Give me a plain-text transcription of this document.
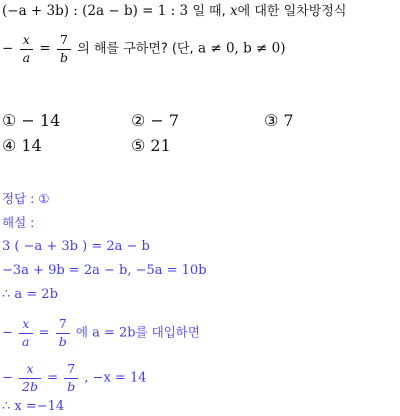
(−a + 3b) : (2a − b) = 1 : 3 일 때, x에 대한 일차방정식
− $\frac{x}{a} = \frac{7}{b}$ 의 해를 구하면? (단, a ≠ 0, b ≠ 0)
① − 14	② − 7	③ 7
④ 14	⑤ 21
정답 : ①
해설 :
3 ( −a + 3b ) = 2a − b
−3a + 9b = 2a − b, −5a = 10b
∴ a = 2b
− $\frac{x}{a} = \frac{7}{b}$ 에 a = 2b를 대입하면
− $\frac{x}{2b} = \frac{7}{b}$ , −x = 14
∴ x =−14
